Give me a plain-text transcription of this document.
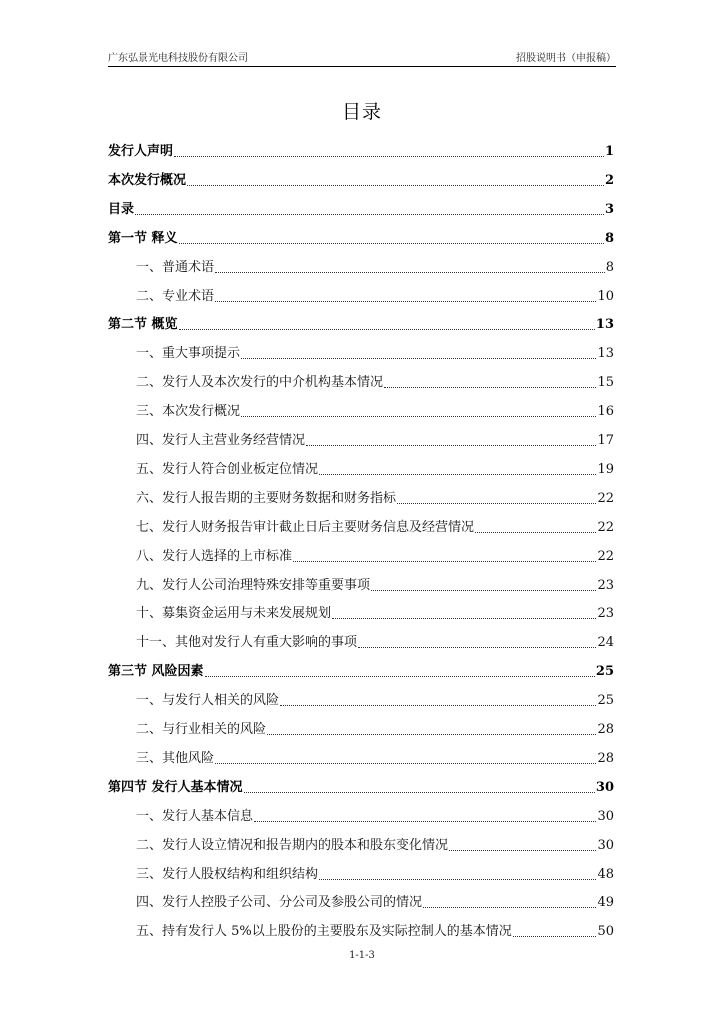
广东弘景光电科技股份有限公司	招股说明书（申报稿）
目录
发行人声明	1
本次发行概况	2
目录	3
第一节 释义	8
一、普通术语	8
二、专业术语	10
第二节 概览	13
一、重大事项提示	13
二、发行人及本次发行的中介机构基本情况	15
三、本次发行概况	16
四、发行人主营业务经营情况	17
五、发行人符合创业板定位情况	19
六、发行人报告期的主要财务数据和财务指标	22
七、发行人财务报告审计截止日后主要财务信息及经营情况	22
八、发行人选择的上市标准	22
九、发行人公司治理特殊安排等重要事项	23
十、募集资金运用与未来发展规划	23
十一、其他对发行人有重大影响的事项	24
第三节 风险因素	25
一、与发行人相关的风险	25
二、与行业相关的风险	28
三、其他风险	28
第四节 发行人基本情况	30
一、发行人基本信息	30
二、发行人设立情况和报告期内的股本和股东变化情况	30
三、发行人股权结构和组织结构	48
四、发行人控股子公司、分公司及参股公司的情况	49
五、持有发行人 5%以上股份的主要股东及实际控制人的基本情况	50
1-1-3
